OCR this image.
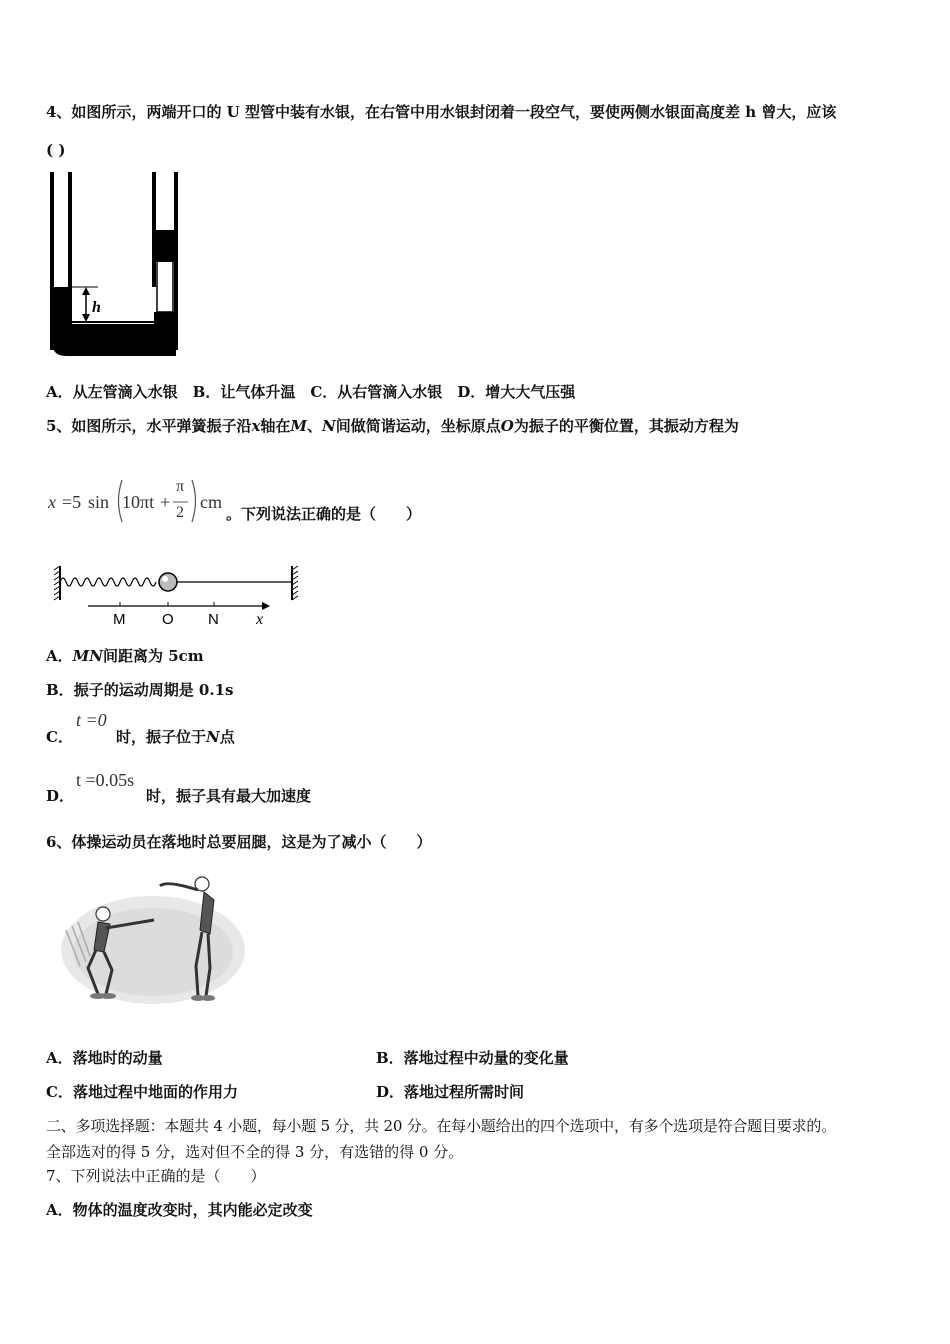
4、如图所示，两端开口的 U 型管中装有水银，在右管中用水银封闭着一段空气，要使两侧水银面高度差 h 曾大，应该
( )
h
A．从左管滴入水银　B．让气体升温　C．从右管滴入水银　D．增大大气压强
5、如图所示，水平弹簧振子沿x轴在M、N间做简谐运动，坐标原点O为振子的平衡位置，其振动方程为
x =5 sin 10πt +
π
2
cm
。下列说法正确的是（　　）
M O N x
A．MN间距离为 5cm
B．振子的运动周期是 0.1s
C．
t =0
时，振子位于N点
D．
t =0.05s
时，振子具有最大加速度
6、体操运动员在落地时总要屈腿，这是为了减小（　　）
A．落地时的动量	B．落地过程中动量的变化量
C．落地过程中地面的作用力	D．落地过程所需时间
二、多项选择题：本题共 4 小题，每小题 5 分，共 20 分。在每小题给出的四个选项中，有多个选项是符合题目要求的。
全部选对的得 5 分，选对但不全的得 3 分，有选错的得 0 分。
7、下列说法中正确的是（　　）
A．物体的温度改变时，其内能必定改变
